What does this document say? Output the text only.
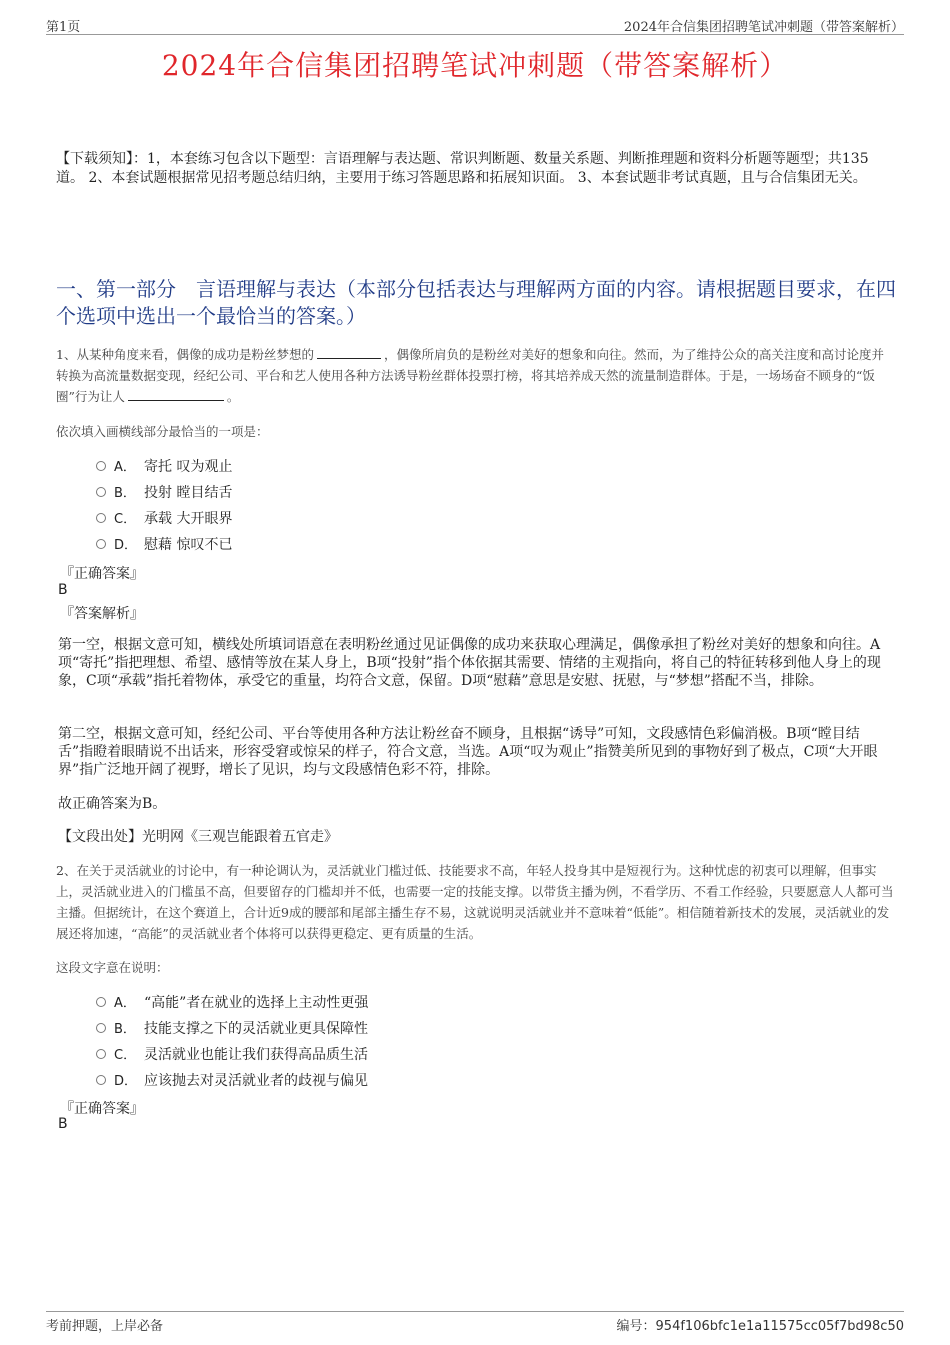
第1页	2024年合信集团招聘笔试冲刺题（带答案解析）
2024年合信集团招聘笔试冲刺题（带答案解析）
【下载须知】：1，本套练习包含以下题型：言语理解与表达题、常识判断题、数量关系题、判断推理题和资料分析题等题型；共135道。 2、本套试题根据常见招考题总结归纳，主要用于练习答题思路和拓展知识面。 3、本套试题非考试真题，且与合信集团无关。
一、第一部分　言语理解与表达（本部分包括表达与理解两方面的内容。请根据题目要求，在四个选项中选出一个最恰当的答案。）
1、从某种角度来看，偶像的成功是粉丝梦想的	，偶像所肩负的是粉丝对美好的想象和向往。然而，为了维持公众的高关注度和高讨论度并转换为高流量数据变现，经纪公司、平台和艺人使用各种方法诱导粉丝群体投票打榜，将其培养成天然的流量制造群体。于是，一场场奋不顾身的“饭圈”行为让人	。
依次填入画横线部分最恰当的一项是：
A． 寄托 叹为观止
B． 投射 瞠目结舌
C． 承载 大开眼界
D． 慰藉 惊叹不已
『正确答案』
B
『答案解析』
第一空，根据文意可知，横线处所填词语意在表明粉丝通过见证偶像的成功来获取心理满足，偶像承担了粉丝对美好的想象和向往。A项“寄托”指把理想、希望、感情等放在某人身上，B项“投射”指个体依据其需要、情绪的主观指向，将自己的特征转移到他人身上的现象，C项“承载”指托着物体，承受它的重量，均符合文意，保留。D项“慰藉”意思是安慰、抚慰，与“梦想”搭配不当，排除。
第二空，根据文意可知，经纪公司、平台等使用各种方法让粉丝奋不顾身，且根据“诱导”可知，文段感情色彩偏消极。B项“瞠目结舌”指瞪着眼睛说不出话来，形容受窘或惊呆的样子，符合文意，当选。A项“叹为观止”指赞美所见到的事物好到了极点，C项“大开眼界”指广泛地开阔了视野，增长了见识，均与文段感情色彩不符，排除。
故正确答案为B。
【文段出处】光明网《三观岂能跟着五官走》
2、在关于灵活就业的讨论中，有一种论调认为，灵活就业门槛过低、技能要求不高，年轻人投身其中是短视行为。这种忧虑的初衷可以理解，但事实上，灵活就业进入的门槛虽不高，但要留存的门槛却并不低，也需要一定的技能支撑。以带货主播为例，不看学历、不看工作经验，只要愿意人人都可当主播。但据统计，在这个赛道上，合计近9成的腰部和尾部主播生存不易，这就说明灵活就业并不意味着“低能”。相信随着新技术的发展，灵活就业的发展还将加速，“高能”的灵活就业者个体将可以获得更稳定、更有质量的生活。
这段文字意在说明：
A． “高能”者在就业的选择上主动性更强
B． 技能支撑之下的灵活就业更具保障性
C． 灵活就业也能让我们获得高品质生活
D． 应该抛去对灵活就业者的歧视与偏见
『正确答案』
B
考前押题，上岸必备	编号：954f106bfc1e1a11575cc05f7bd98c50
